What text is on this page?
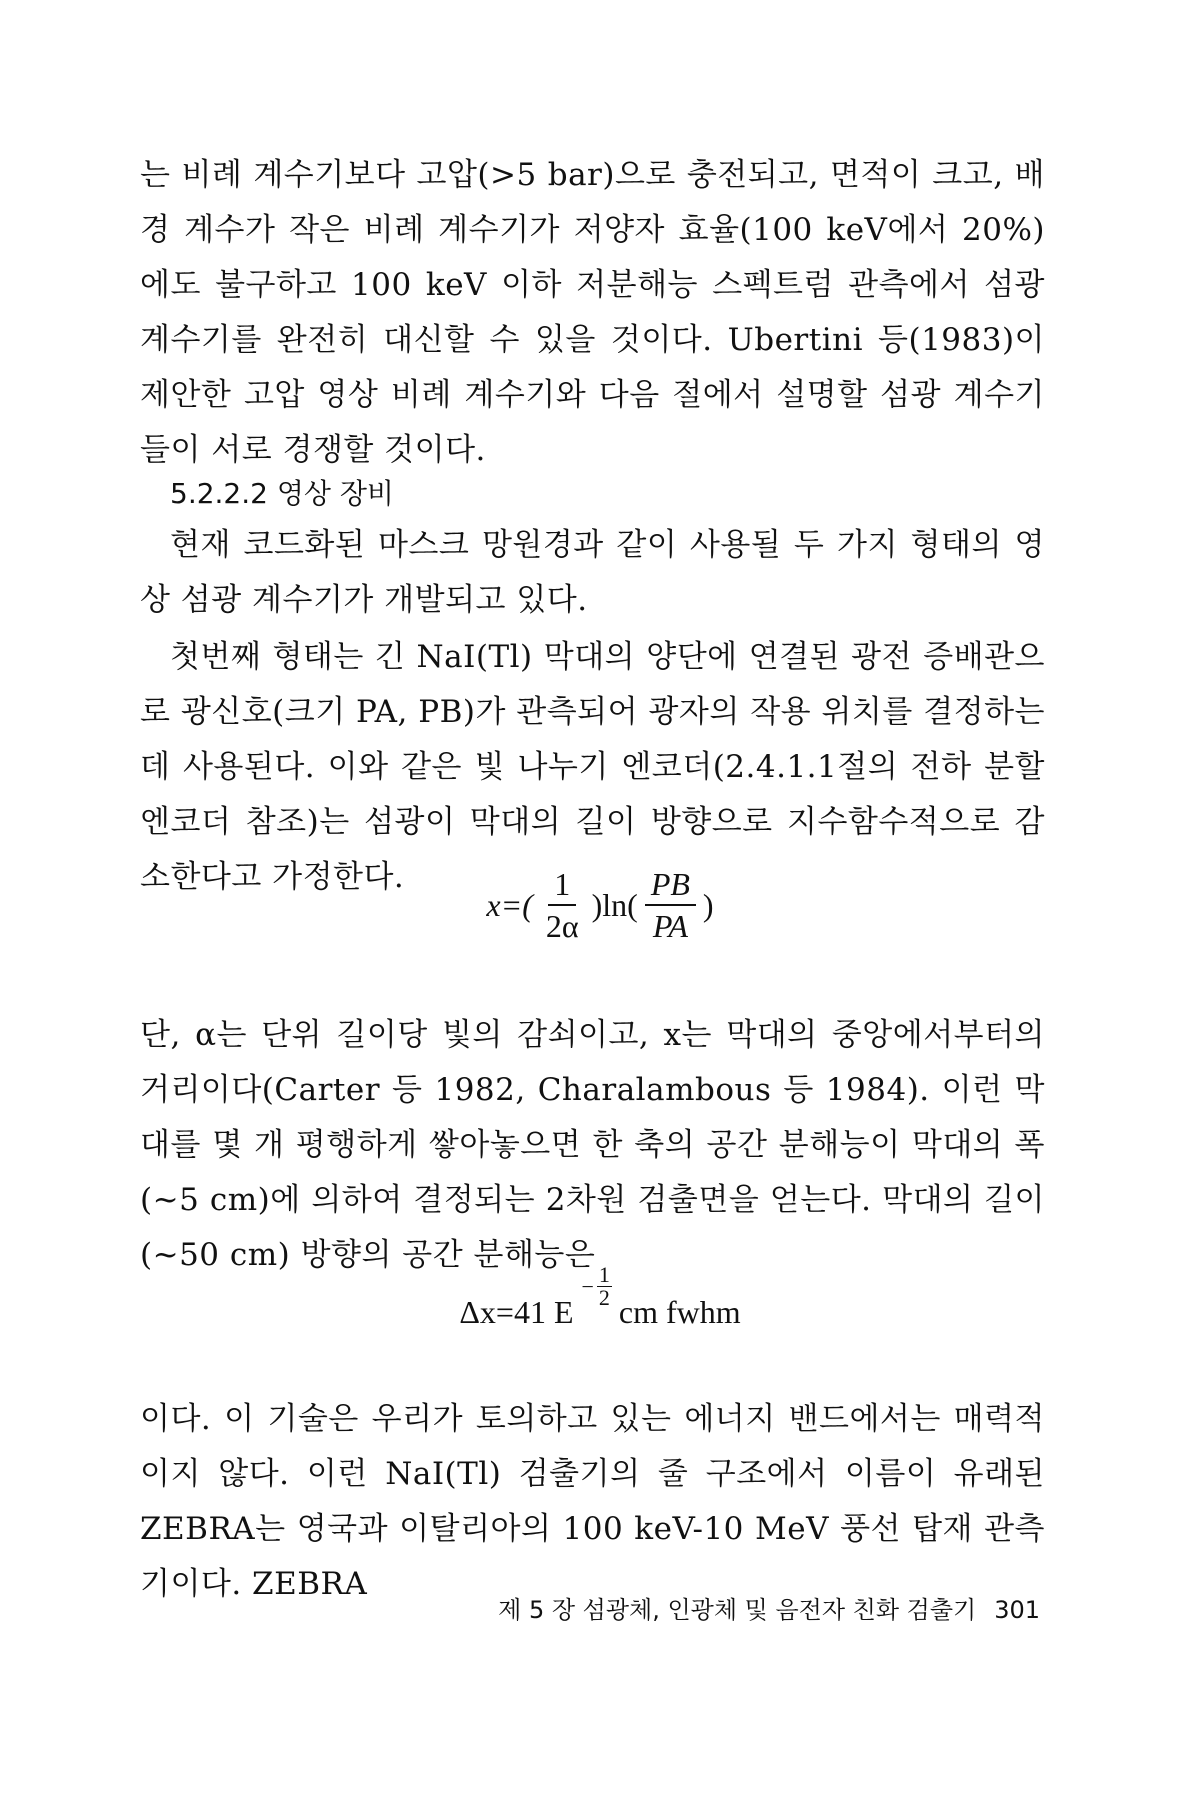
는 비례 계수기보다 고압(>5 bar)으로 충전되고, 면적이 크고, 배경 계수가 작은 비례 계수기가 저양자 효율(100 keV에서 20%)에도 불구하고 100 keV 이하 저분해능 스펙트럼 관측에서 섬광 계수기를 완전히 대신할 수 있을 것이다. Ubertini 등(1983)이 제안한 고압 영상 비례 계수기와 다음 절에서 설명할 섬광 계수기들이 서로 경쟁할 것이다.

5.2.2.2 영상 장비

현재 코드화된 마스크 망원경과 같이 사용될 두 가지 형태의 영상 섬광 계수기가 개발되고 있다.

첫번째 형태는 긴 NaI(Tl) 막대의 양단에 연결된 광전 증배관으로 광신호(크기 PA, PB)가 관측되어 광자의 작용 위치를 결정하는 데 사용된다. 이와 같은 빛 나누기 엔코더(2.4.1.1절의 전하 분할 엔코더 참조)는 섬광이 막대의 길이 방향으로 지수함수적으로 감소한다고 가정한다.

$x=( \frac{1}{2\alpha} )\ln( \frac{PB}{PA}$ )

단, α는 단위 길이당 빛의 감쇠이고, x는 막대의 중앙에서부터의 거리이다(Carter 등 1982, Charalambous 등 1984). 이런 막대를 몇 개 평행하게 쌓아놓으면 한 축의 공간 분해능이 막대의 폭(~5 cm)에 의하여 결정되는 2차원 검출면을 얻는다. 막대의 길이(~50 cm) 방향의 공간 분해능은

Δx=41 E
− $\frac{1}{2}$
cm fwhm

이다. 이 기술은 우리가 토의하고 있는 에너지 밴드에서는 매력적이지 않다. 이런 NaI(Tl) 검출기의 줄 구조에서 이름이 유래된 ZEBRA는 영국과 이탈리아의 100 keV-10 MeV 풍선 탑재 관측기이다. ZEBRA

제 5 장 섬광체, 인광체 및 음전자 친화 검출기 301
